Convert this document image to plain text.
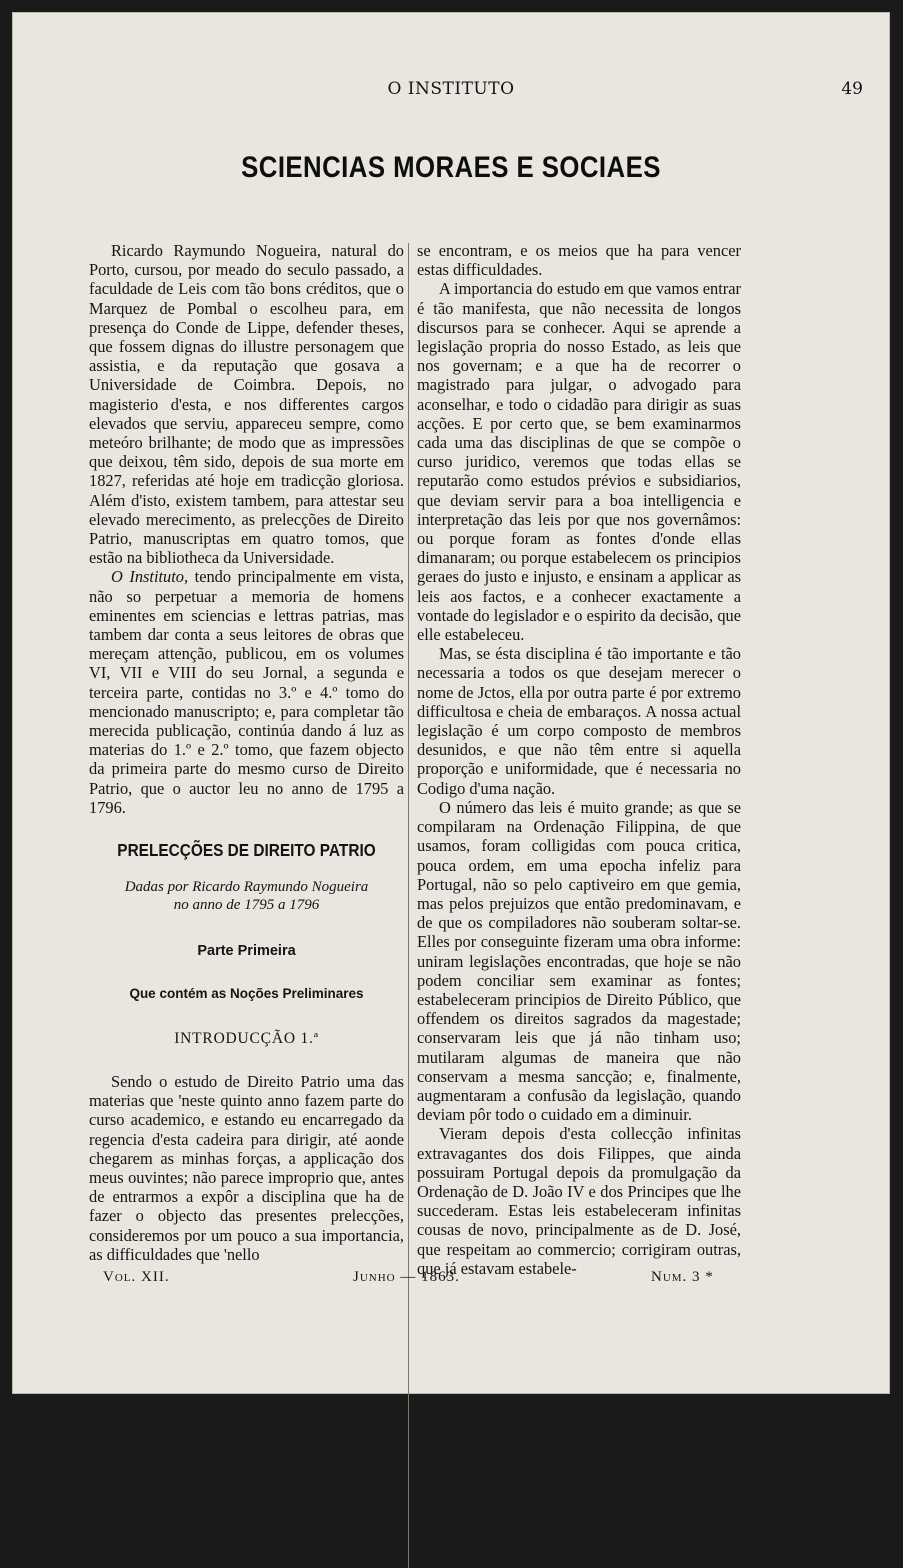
O INSTITUTO	49
SCIENCIAS MORAES E SOCIAES

Ricardo Raymundo Nogueira, natural do Porto, cursou, por meado do seculo passado, a faculdade de Leis com tão bons créditos, que o Marquez de Pombal o escolheu para, em presença do Conde de Lippe, defender theses, que fossem dignas do illustre personagem que assistia, e da reputação que gosava a Universidade de Coimbra. Depois, no magisterio d'esta, e nos differentes cargos elevados que serviu, appareceu sempre, como meteóro brilhante; de modo que as impressões que deixou, têm sido, depois de sua morte em 1827, referidas até hoje em tradicção gloriosa. Além d'isto, existem tambem, para attestar seu elevado merecimento, as prelecções de Direito Patrio, manuscriptas em quatro tomos, que estão na bibliotheca da Universidade.

O Instituto, tendo principalmente em vista, não so perpetuar a memoria de homens eminentes em sciencias e lettras patrias, mas tambem dar conta a seus leitores de obras que mereçam attenção, publicou, em os volumes VI, VII e VIII do seu Jornal, a segunda e terceira parte, contidas no 3.º e 4.º tomo do mencionado manuscripto; e, para completar tão merecida publicação, continúa dando á luz as materias do 1.º e 2.º tomo, que fazem objecto da primeira parte do mesmo curso de Direito Patrio, que o auctor leu no anno de 1795 a 1796.

PRELECÇÕES DE DIREITO PATRIO

Dadas por Ricardo Raymundo Nogueira

no anno de 1795 a 1796

Parte Primeira

Que contém as Noções Preliminares

INTRODUCÇÃO 1.ª

Sendo o estudo de Direito Patrio uma das materias que 'neste quinto anno fazem parte do curso academico, e estando eu encarregado da regencia d'esta cadeira para dirigir, até aonde chegarem as minhas forças, a applicação dos meus ouvintes; não parece improprio que, antes de entrarmos a expôr a disciplina que ha de fazer o objecto das presentes prelecções, consideremos por um pouco a sua importancia, as difficuldades que 'nello

se encontram, e os meios que ha para vencer estas difficuldades.

A importancia do estudo em que vamos entrar é tão manifesta, que não necessita de longos discursos para se conhecer. Aqui se aprende a legislação propria do nosso Estado, as leis que nos governam; e a que ha de recorrer o magistrado para julgar, o advogado para aconselhar, e todo o cidadão para dirigir as suas acções. E por certo que, se bem examinarmos cada uma das disciplinas de que se compõe o curso juridico, veremos que todas ellas se reputarão como estudos prévios e subsidiarios, que deviam servir para a boa intelligencia e interpretação das leis por que nos governâmos: ou porque foram as fontes d'onde ellas dimanaram; ou porque estabelecem os principios geraes do justo e injusto, e ensinam a applicar as leis aos factos, e a conhecer exactamente a vontade do legislador e o espirito da decisão, que elle estabeleceu.

Mas, se ésta disciplina é tão importante e tão necessaria a todos os que desejam merecer o nome de Jctos, ella por outra parte é por extremo difficultosa e cheia de embaraços. A nossa actual legislação é um corpo composto de membros desunidos, e que não têm entre si aquella proporção e uniformidade, que é necessaria no Codigo d'uma nação.

O número das leis é muito grande; as que se compilaram na Ordenação Filippina, de que usamos, foram colligidas com pouca critica, pouca ordem, em uma epocha infeliz para Portugal, não so pelo captiveiro em que gemia, mas pelos prejuizos que então predominavam, e de que os compiladores não souberam soltar-se. Elles por conseguinte fizeram uma obra informe: uniram legislações encontradas, que hoje se não podem conciliar sem examinar as fontes; estabeleceram principios de Direito Público, que offendem os direitos sagrados da magestade; conservaram leis que já não tinham uso; mutilaram algumas de maneira que não conservam a mesma sancção; e, finalmente, augmentaram a confusão da legislação, quando deviam pôr todo o cuidado em a diminuir.

Vieram depois d'esta collecção infinitas extravagantes dos dois Filippes, que ainda possuiram Portugal depois da promulgação da Ordenação de D. João IV e dos Principes que lhe succederam. Estas leis estabeleceram infinitas cousas de novo, principalmente as de D. José, que respeitam ao commercio; corrigiram outras, que já estavam estabele-

Vol. XII.	Junho — 1863.	Num. 3 *
